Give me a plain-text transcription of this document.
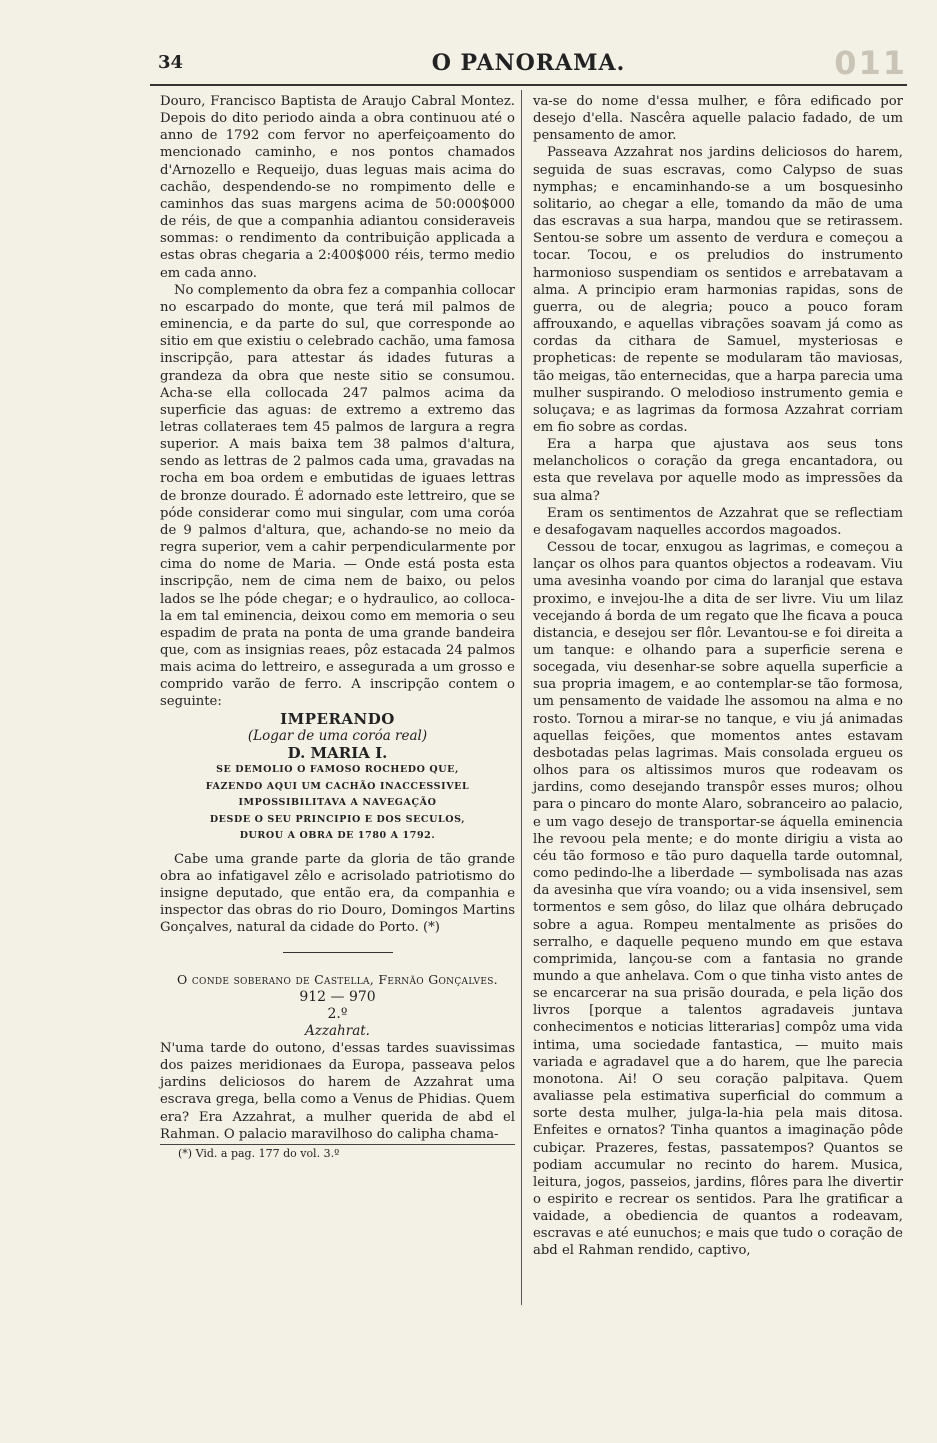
34	O PANORAMA.	011

Douro, Francisco Baptista de Araujo Cabral Montez. Depois do dito periodo ainda a obra continuou até o anno de 1792 com fervor no aperfeiçoamento do mencionado caminho, e nos pontos chamados d'Arnozello e Requeijo, duas leguas mais acima do cachão, despendendo-se no rompimento delle e caminhos das suas margens acima de 50:000$000 de réis, de que a companhia adiantou consideraveis sommas: o rendimento da contribuição applicada a estas obras chegaria a 2:400$000 réis, termo medio em cada anno.

No complemento da obra fez a companhia collocar no escarpado do monte, que terá mil palmos de eminencia, e da parte do sul, que corresponde ao sitio em que existiu o celebrado cachão, uma famosa inscripção, para attestar ás idades futuras a grandeza da obra que neste sitio se consumou. Acha-se ella collocada 247 palmos acima da superficie das aguas: de extremo a extremo das letras collateraes tem 45 palmos de largura a regra superior. A mais baixa tem 38 palmos d'altura, sendo as lettras de 2 palmos cada uma, gravadas na rocha em boa ordem e embutidas de iguaes lettras de bronze dourado. É adornado este lettreiro, que se póde considerar como mui singular, com uma coróa de 9 palmos d'altura, que, achando-se no meio da regra superior, vem a cahir perpendicularmente por cima do nome de Maria. — Onde está posta esta inscripção, nem de cima nem de baixo, ou pelos lados se lhe póde chegar; e o hydraulico, ao colloca-la em tal eminencia, deixou como em memoria o seu espadim de prata na ponta de uma grande bandeira que, com as insignias reaes, pôz estacada 24 palmos mais acima do lettreiro, e assegurada a um grosso e comprido varão de ferro. A inscripção contem o seguinte:

IMPERANDO

(Logar de uma coróa real)

D. MARIA I.

SE DEMOLIO O FAMOSO ROCHEDO QUE,

FAZENDO AQUI UM CACHÃO INACCESSIVEL

IMPOSSIBILITAVA A NAVEGAÇÃO

DESDE O SEU PRINCIPIO E DOS SECULOS,

DUROU A OBRA DE 1780 A 1792.

Cabe uma grande parte da gloria de tão grande obra ao infatigavel zêlo e acrisolado patriotismo do insigne deputado, que então era, da companhia e inspector das obras do rio Douro, Domingos Martins Gonçalves, natural da cidade do Porto. (*)

O conde soberano de Castella, Fernão Gonçalves.

912 — 970

2.º

Azzahrat.

N'uma tarde do outono, d'essas tardes suavissimas dos paizes meridionaes da Europa, passeava pelos jardins deliciosos do harem de Azzahrat uma escrava grega, bella como a Venus de Phidias. Quem era? Era Azzahrat, a mulher querida de abd el Rahman. O palacio maravilhoso do calipha chama-

(*) Vid. a pag. 177 do vol. 3.º

va-se do nome d'essa mulher, e fôra edificado por desejo d'ella. Nascêra aquelle palacio fadado, de um pensamento de amor.

Passeava Azzahrat nos jardins deliciosos do harem, seguida de suas escravas, como Calypso de suas nymphas; e encaminhando-se a um bosquesinho solitario, ao chegar a elle, tomando da mão de uma das escravas a sua harpa, mandou que se retirassem. Sentou-se sobre um assento de verdura e começou a tocar. Tocou, e os preludios do instrumento harmonioso suspendiam os sentidos e arrebatavam a alma. A principio eram harmonias rapidas, sons de guerra, ou de alegria; pouco a pouco foram affrouxando, e aquellas vibrações soavam já como as cordas da cithara de Samuel, mysteriosas e propheticas: de repente se modularam tão maviosas, tão meigas, tão enternecidas, que a harpa parecia uma mulher suspirando. O melodioso instrumento gemia e soluçava; e as lagrimas da formosa Azzahrat corriam em fio sobre as cordas.

Era a harpa que ajustava aos seus tons melancholicos o coração da grega encantadora, ou esta que revelava por aquelle modo as impressões da sua alma?

Eram os sentimentos de Azzahrat que se reflectiam e desafogavam naquelles accordos magoados.

Cessou de tocar, enxugou as lagrimas, e começou a lançar os olhos para quantos objectos a rodeavam. Viu uma avesinha voando por cima do laranjal que estava proximo, e invejou-lhe a dita de ser livre. Viu um lilaz vecejando á borda de um regato que lhe ficava a pouca distancia, e desejou ser flôr. Levantou-se e foi direita a um tanque: e olhando para a superficie serena e socegada, viu desenhar-se sobre aquella superficie a sua propria imagem, e ao contemplar-se tão formosa, um pensamento de vaidade lhe assomou na alma e no rosto. Tornou a mirar-se no tanque, e viu já animadas aquellas feições, que momentos antes estavam desbotadas pelas lagrimas. Mais consolada ergueu os olhos para os altissimos muros que rodeavam os jardins, como desejando transpôr esses muros; olhou para o pincaro do monte Alaro, sobranceiro ao palacio, e um vago desejo de transportar-se áquella eminencia lhe revoou pela mente; e do monte dirigiu a vista ao céu tão formoso e tão puro daquella tarde outomnal, como pedindo-lhe a liberdade — symbolisada nas azas da avesinha que víra voando; ou a vida insensivel, sem tormentos e sem gôso, do lilaz que olhára debruçado sobre a agua. Rompeu mentalmente as prisões do serralho, e daquelle pequeno mundo em que estava comprimida, lançou-se com a fantasia no grande mundo a que anhelava. Com o que tinha visto antes de se encarcerar na sua prisão dourada, e pela lição dos livros [porque a talentos agradaveis juntava conhecimentos e noticias litterarias] compôz uma vida intima, uma sociedade fantastica, — muito mais variada e agradavel que a do harem, que lhe parecia monotona. Ai! O seu coração palpitava. Quem avaliasse pela estimativa superficial do commum a sorte desta mulher, julga-la-hia pela mais ditosa. Enfeites e ornatos? Tinha quantos a imaginação pôde cubiçar. Prazeres, festas, passatempos? Quantos se podiam accumular no recinto do harem. Musica, leitura, jogos, passeios, jardins, flôres para lhe divertir o espirito e recrear os sentidos. Para lhe gratificar a vaidade, a obediencia de quantos a rodeavam, escravas e até eunuchos; e mais que tudo o coração de abd el Rahman rendido, captivo,
